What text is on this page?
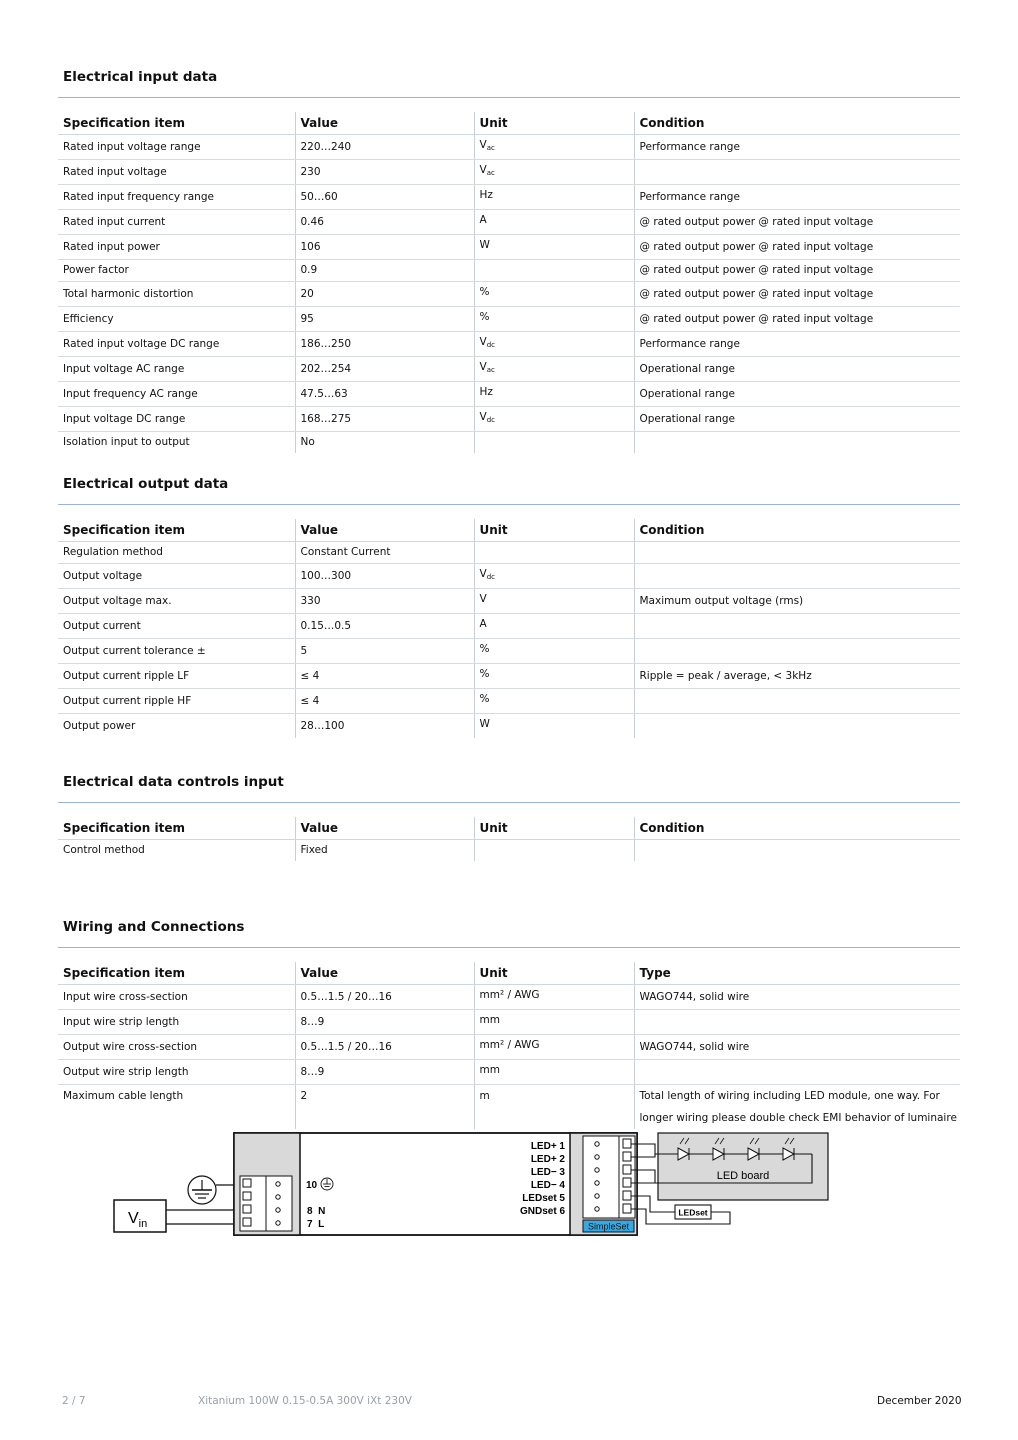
Electrical input data
Specification item	Value	Unit	Condition
Rated input voltage range	220…240	$V_{ac}$	Performance range
Rated input voltage	230	$V_{ac}$	
Rated input frequency range	50…60	Hz	Performance range
Rated input current	0.46	A	@ rated output power @ rated input voltage
Rated input power	106	W	@ rated output power @ rated input voltage
Power factor	0.9		@ rated output power @ rated input voltage
Total harmonic distortion	20	%	@ rated output power @ rated input voltage
Efficiency	95	%	@ rated output power @ rated input voltage
Rated input voltage DC range	186…250	$V_{dc}$	Performance range
Input voltage AC range	202…254	$V_{ac}$	Operational range
Input frequency AC range	47.5…63	Hz	Operational range
Input voltage DC range	168…275	$V_{dc}$	Operational range
Isolation input to output	No		
Electrical output data
Specification item	Value	Unit	Condition
Regulation method	Constant Current		
Output voltage	100…300	$V_{dc}$	
Output voltage max.	330	V	Maximum output voltage (rms)
Output current	0.15…0.5	A	
Output current tolerance ±	5	%	
Output current ripple LF	≤ 4	%	Ripple = peak / average, < 3kHz
Output current ripple HF	≤ 4	%	
Output power	28…100	W	
Electrical data controls input
Specification item	Value	Unit	Condition
Control method	Fixed		
Wiring and Connections
Specification item	Value	Unit	Type
Input wire cross-section	0.5…1.5 / 20…16	mm² / AWG	WAGO744, solid wire
Input wire strip length	8…9	mm	
Output wire cross-section	0.5…1.5 / 20…16	mm² / AWG	WAGO744, solid wire
Output wire strip length	8…9	mm	
Maximum cable length	2	m	Total length of wiring including LED module, one way. For longer wiring please double check EMI behavior of luminaire
$V_{in}$
10
8  N
7  L
LED+ 1
LED+ 2
LED− 3
LED− 4
LEDset 5
GNDset 6
SimpleSet
LED board
LEDset
2 / 7	Xitanium 100W 0.15-0.5A 300V iXt 230V	December 2020
